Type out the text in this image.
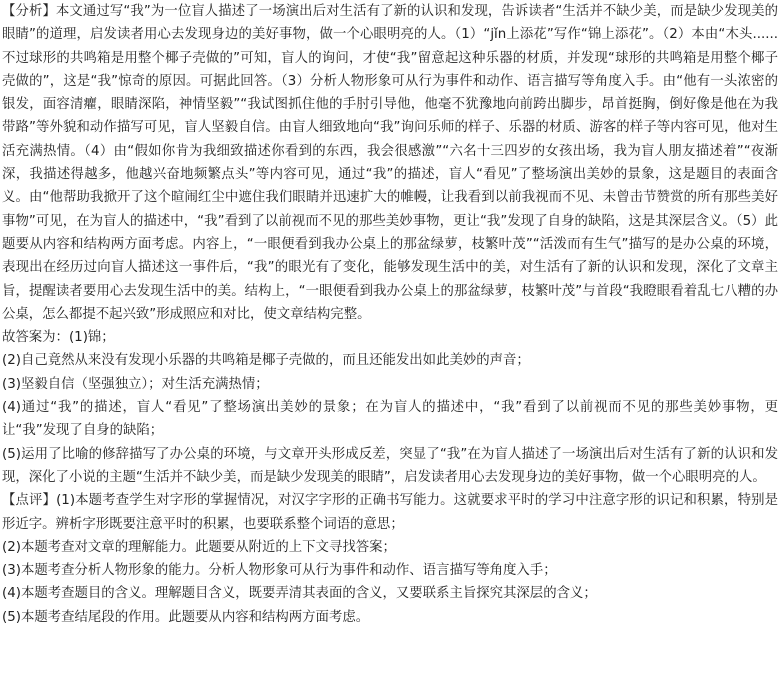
【分析】本文通过写“我”为一位盲人描述了一场演出后对生活有了新的认识和发现，告诉读者“生活并不缺少美，而是缺少发现美的眼睛”的道理，启发读者用心去发现身边的美好事物，做一个心眼明亮的人。（1）“jǐn上添花”写作“锦上添花”。（2）本由“木头......不过球形的共鸣箱是用整个椰子壳做的”可知，盲人的询问，才使“我”留意起这种乐器的材质，并发现“球形的共鸣箱是用整个椰子壳做的”，这是“我”惊奇的原因。可据此回答。（3）分析人物形象可从行为事件和动作、语言描写等角度入手。由“他有一头浓密的银发，面容清癯，眼睛深陷，神情坚毅”“我试图抓住他的手肘引导他，他毫不犹豫地向前跨出脚步，昂首挺胸，倒好像是他在为我带路”等外貌和动作描写可见，盲人坚毅自信。由盲人细致地向“我”询问乐师的样子、乐器的材质、游客的样子等内容可见，他对生活充满热情。（4）由“假如你肯为我细致描述你看到的东西，我会很感激”“六名十三四岁的女孩出场，我为盲人朋友描述着”“夜渐深，我描述得越多，他越兴奋地频繁点头”等内容可见，通过“我”的描述，盲人“看见”了整场演出美妙的景象，这是题目的表面含义。由“他帮助我掀开了这个暄闹红尘中遮住我们眼睛并迅速扩大的帷幔，让我看到以前我视而不见、未曾击节赞赏的所有那些美好事物”可见，在为盲人的描述中，“我”看到了以前视而不见的那些美妙事物，更让“我”发现了自身的缺陷，这是其深层含义。（5）此题要从内容和结构两方面考虑。内容上，“一眼便看到我办公桌上的那盆绿萝，枝繁叶茂”“活泼而有生气”描写的是办公桌的环境，表现出在经历过向盲人描述这一事件后，“我”的眼光有了变化，能够发现生活中的美，对生活有了新的认识和发现，深化了文章主旨，提醒读者要用心去发现生活中的美。结构上，“一眼便看到我办公桌上的那盆绿萝，枝繁叶茂”与首段“我瞪眼看着乱七八糟的办公桌，怎么都提不起兴致”形成照应和对比，使文章结构完整。

故答案为：(1)锦；

(2)自己竟然从来没有发现小乐器的共鸣箱是椰子壳做的，而且还能发出如此美妙的声音；

(3)坚毅自信（坚强独立）；对生活充满热情；

(4)通过“我”的描述，盲人“看见”了整场演出美妙的景象；在为盲人的描述中，“我”看到了以前视而不见的那些美妙事物，更让“我”发现了自身的缺陷；

(5)运用了比喻的修辞描写了办公桌的环境，与文章开头形成反差，突显了“我”在为盲人描述了一场演出后对生活有了新的认识和发现，深化了小说的主题“生活并不缺少美，而是缺少发现美的眼睛”，启发读者用心去发现身边的美好事物，做一个心眼明亮的人。

【点评】(1)本题考查学生对字形的掌握情况，对汉字字形的正确书写能力。这就要求平时的学习中注意字形的识记和积累，特别是形近字。辨析字形既要注意平时的积累，也要联系整个词语的意思；

(2)本题考查对文章的理解能力。此题要从附近的上下文寻找答案；

(3)本题考查分析人物形象的能力。分析人物形象可从行为事件和动作、语言描写等角度入手；

(4)本题考查题目的含义。理解题目含义，既要弄清其表面的含义，又要联系主旨探究其深层的含义；

(5)本题考查结尾段的作用。此题要从内容和结构两方面考虑。
